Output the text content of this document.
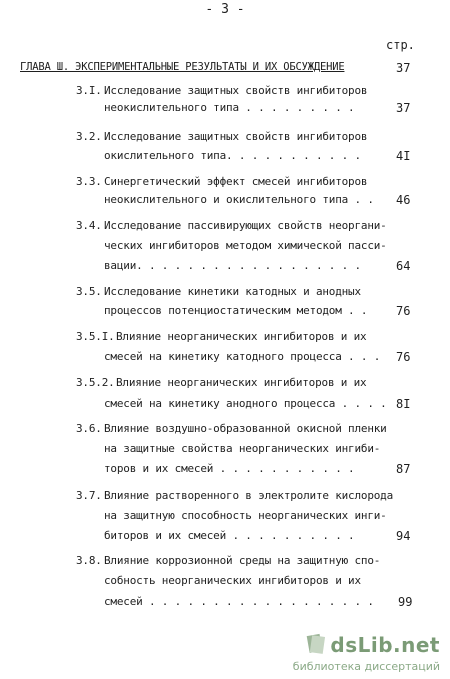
- 3 -
стр.
ГЛАВА Ш. ЭКСПЕРИМЕНТАЛЬНЫЕ РЕЗУЛЬТАТЫ И ИХ ОБСУЖДЕНИЕ	37
3.I. Исследование защитных свойств ингибиторов
неокислительного типа . . . . . . . . .	37
3.2. Исследование защитных свойств ингибиторов
окислительного типа. . . . . . . . . . .	4I
3.3. Синергетический эффект смесей ингибиторов
неокислительного и окислительного типа . . 46
3.4. Исследование пассивирующих свойств неоргани-
ческих ингибиторов методом химической пасси-
вации. . . . . . . . . . . . . . . . . .	64
3.5. Исследование кинетики катодных и анодных
процессов потенциостатическим методом . . 76
3.5.I. Влияние неорганических ингибиторов и их
смесей на кинетику катодного процесса . . . 76
3.5.2. Влияние неорганических ингибиторов и их
смесей на кинетику анодного процесса . . . . 8I
3.6. Влияние воздушно-образованной окисной пленки
на защитные свойства неорганических ингиби-
торов и их смесей . . . . . . . . . . .	87
3.7. Влияние растворенного в электролите кислорода
на защитную способность неорганических инги-
биторов и их смесей . . . . . . . . . .	94
3.8. Влияние коррозионной среды на защитную спо-
собность неорганических ингибиторов и их
смесей . . . . . . . . . . . . . . . . . . 99
dsLib.net
библиотека диссертаций
